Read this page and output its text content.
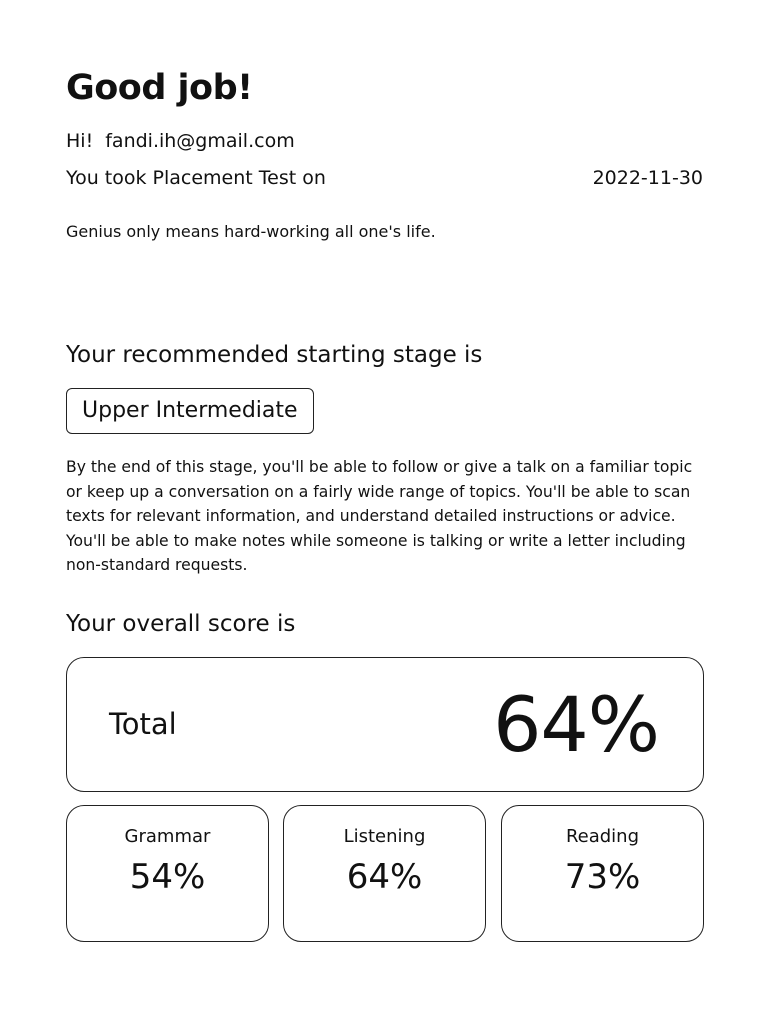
Good job!
Hi! fandi.ih@gmail.com
You took Placement Test on	2022-11-30
Genius only means hard-working all one's life.
Your recommended starting stage is
Upper Intermediate

By the end of this stage, you'll be able to follow or give a talk on a familiar topic or keep up a conversation on a fairly wide range of topics. You'll be able to scan texts for relevant information, and understand detailed instructions or advice. You'll be able to make notes while someone is talking or write a letter including non-standard requests.

Your overall score is
Total	64%
Grammar
54%
Listening
64%
Reading
73%
